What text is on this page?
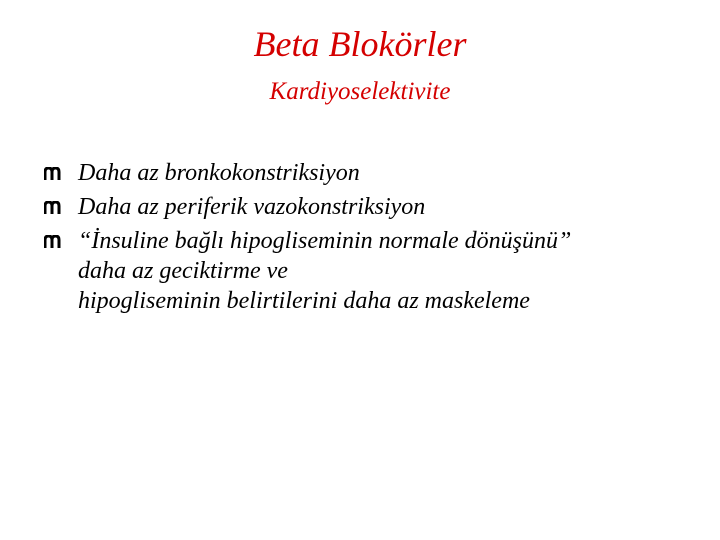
Beta Blokörler
Kardiyoselektivite
Daha az bronkokonstriksiyon
Daha az periferik vazokonstriksiyon
“İnsuline bağlı hipogliseminin normale dönüşünü”
daha az geciktirme ve
hipogliseminin belirtilerini daha az maskeleme
